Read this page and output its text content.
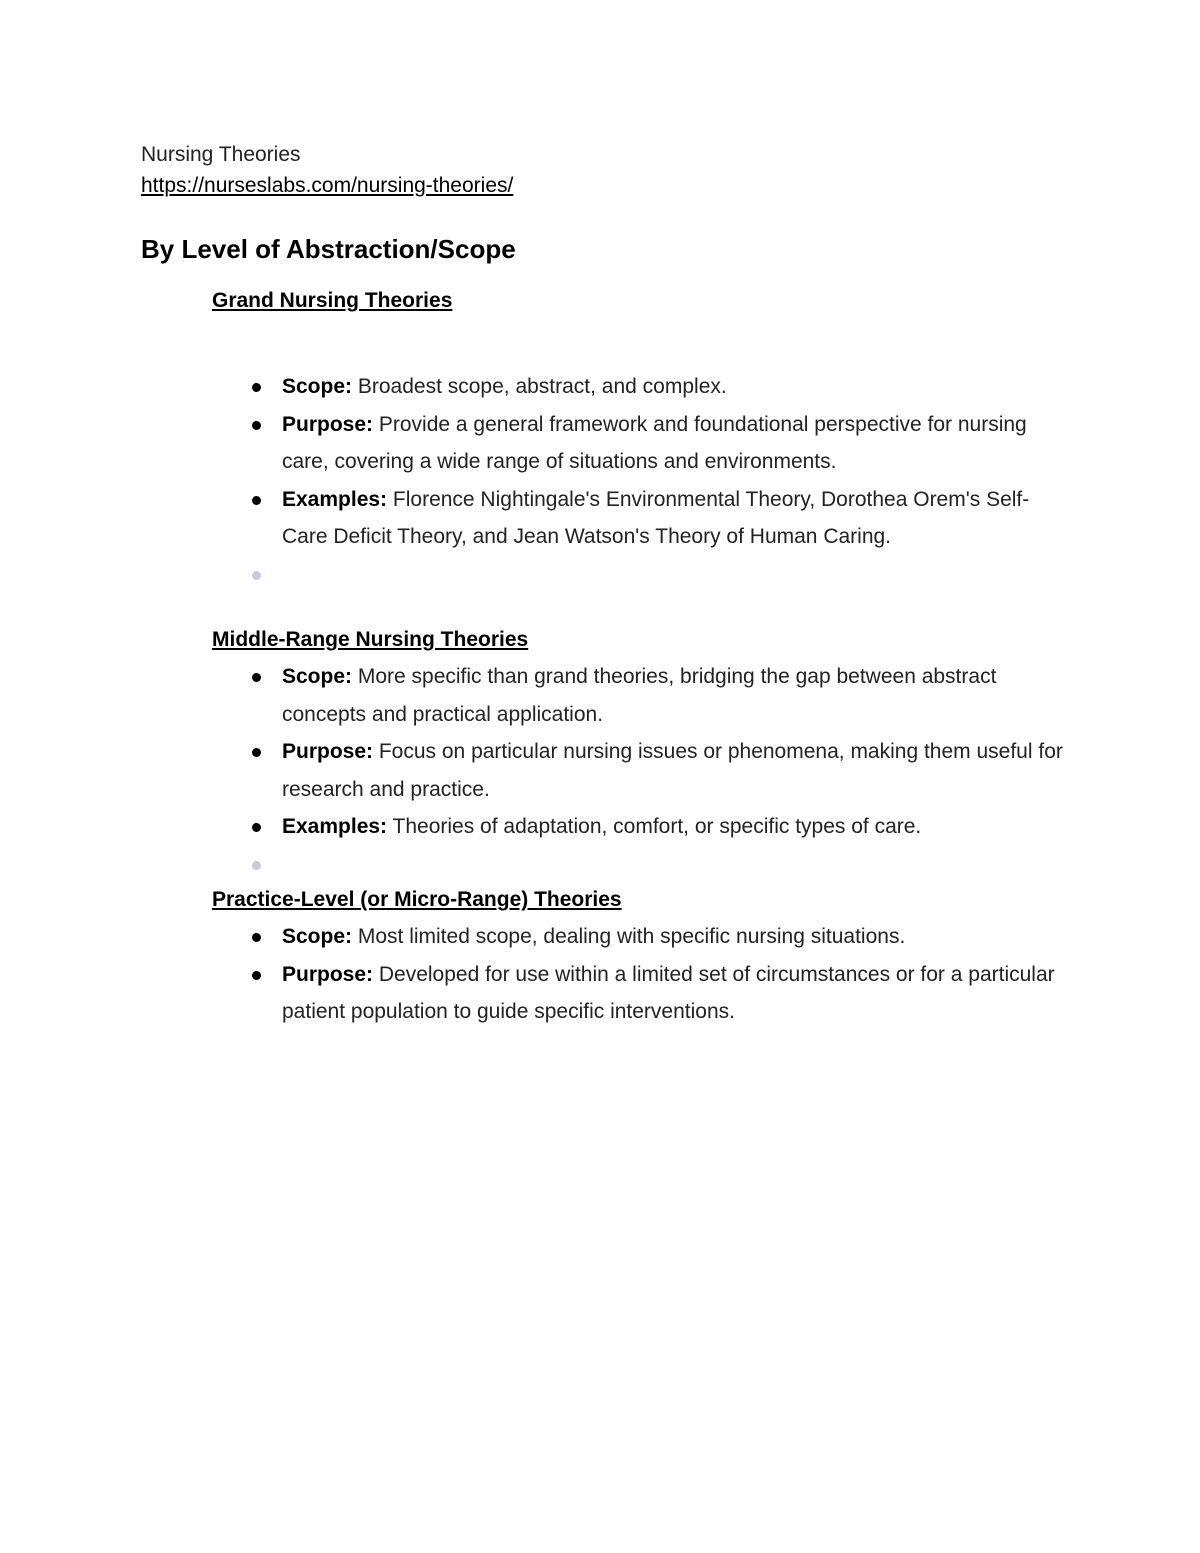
Nursing Theories
https://nurseslabs.com/nursing-theories/
By Level of Abstraction/Scope
Grand Nursing Theories
Scope: Broadest scope, abstract, and complex.
Purpose: Provide a general framework and foundational perspective for nursing care, covering a wide range of situations and environments.
Examples: Florence Nightingale's Environmental Theory, Dorothea Orem's Self-Care Deficit Theory, and Jean Watson's Theory of Human Caring.

Middle-Range Nursing Theories
Scope: More specific than grand theories, bridging the gap between abstract concepts and practical application.
Purpose: Focus on particular nursing issues or phenomena, making them useful for research and practice.
Examples: Theories of adaptation, comfort, or specific types of care.

Practice-Level (or Micro-Range) Theories
Scope: Most limited scope, dealing with specific nursing situations.
Purpose: Developed for use within a limited set of circumstances or for a particular patient population to guide specific interventions.
